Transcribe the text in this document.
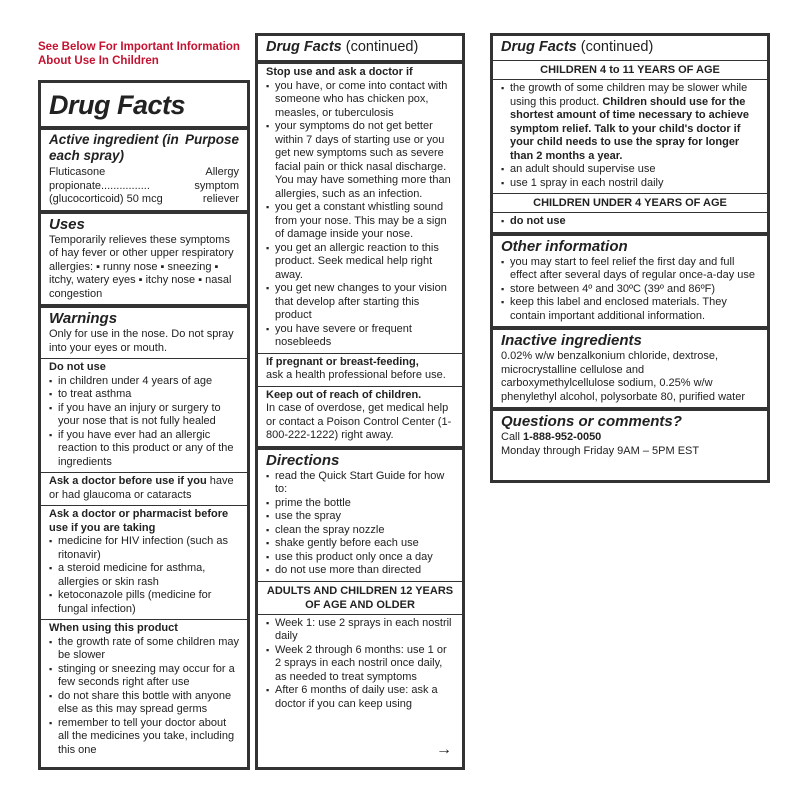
See Below For Important Information About Use In Children
Drug Facts
Active ingredient (in each spray)
Purpose
Fluticasone propionate................ (glucocorticoid) 50 mcg
Allergy symptom reliever
Uses
Temporarily relieves these symptoms of hay fever or other upper respiratory allergies: ▪ runny nose ▪ sneezing ▪ itchy, watery eyes ▪ itchy nose ▪ nasal congestion
Warnings
Only for use in the nose. Do not spray into your eyes or mouth.
Do not use
▪ in children under 4 years of age
▪ to treat asthma
▪ if you have an injury or surgery to your nose that is not fully healed
▪ if you have ever had an allergic reaction to this product or any of the ingredients
Ask a doctor before use if you have or had glaucoma or cataracts
Ask a doctor or pharmacist before use if you are taking
▪ medicine for HIV infection (such as ritonavir)
▪ a steroid medicine for asthma, allergies or skin rash
▪ ketoconazole pills (medicine for fungal infection)
When using this product
▪ the growth rate of some children may be slower
▪ stinging or sneezing may occur for a few seconds right after use
▪ do not share this bottle with anyone else as this may spread germs
▪ remember to tell your doctor about all the medicines you take, including this one
Drug Facts (continued)
Stop use and ask a doctor if
▪ you have, or come into contact with someone who has chicken pox, measles, or tuberculosis
▪ your symptoms do not get better within 7 days of starting use or you get new symptoms such as severe facial pain or thick nasal discharge. You may have something more than allergies, such as an infection.
▪ you get a constant whistling sound from your nose. This may be a sign of damage inside your nose.
▪ you get an allergic reaction to this product. Seek medical help right away.
▪ you get new changes to your vision that develop after starting this product
▪ you have severe or frequent nosebleeds
If pregnant or breast-feeding,
ask a health professional before use.
Keep out of reach of children.
In case of overdose, get medical help or contact a Poison Control Center (1-800-222-1222) right away.
Directions
▪ read the Quick Start Guide for how to:
▪ prime the bottle
▪ use the spray
▪ clean the spray nozzle
▪ shake gently before each use
▪ use this product only once a day
▪ do not use more than directed
ADULTS AND CHILDREN 12 YEARS OF AGE AND OLDER
▪ Week 1: use 2 sprays in each nostril daily
▪ Week 2 through 6 months: use 1 or 2 sprays in each nostril once daily, as needed to treat symptoms
▪ After 6 months of daily use: ask a doctor if you can keep using
→
Drug Facts (continued)
CHILDREN 4 to 11 YEARS OF AGE
▪ the growth of some children may be slower while using this product. Children should use for the shortest amount of time necessary to achieve symptom relief. Talk to your child's doctor if your child needs to use the spray for longer than 2 months a year.
▪ an adult should supervise use
▪ use 1 spray in each nostril daily
CHILDREN UNDER 4 YEARS OF AGE
▪ do not use
Other information
▪ you may start to feel relief the first day and full effect after several days of regular once-a-day use
▪ store between 4º and 30ºC (39º and 86ºF)
▪ keep this label and enclosed materials. They contain important additional information.
Inactive ingredients
0.02% w/w benzalkonium chloride, dextrose, microcrystalline cellulose and carboxymethylcellulose sodium, 0.25% w/w phenylethyl alcohol, polysorbate 80, purified water
Questions or comments?
Call 1-888-952-0050
Monday through Friday 9AM – 5PM EST
